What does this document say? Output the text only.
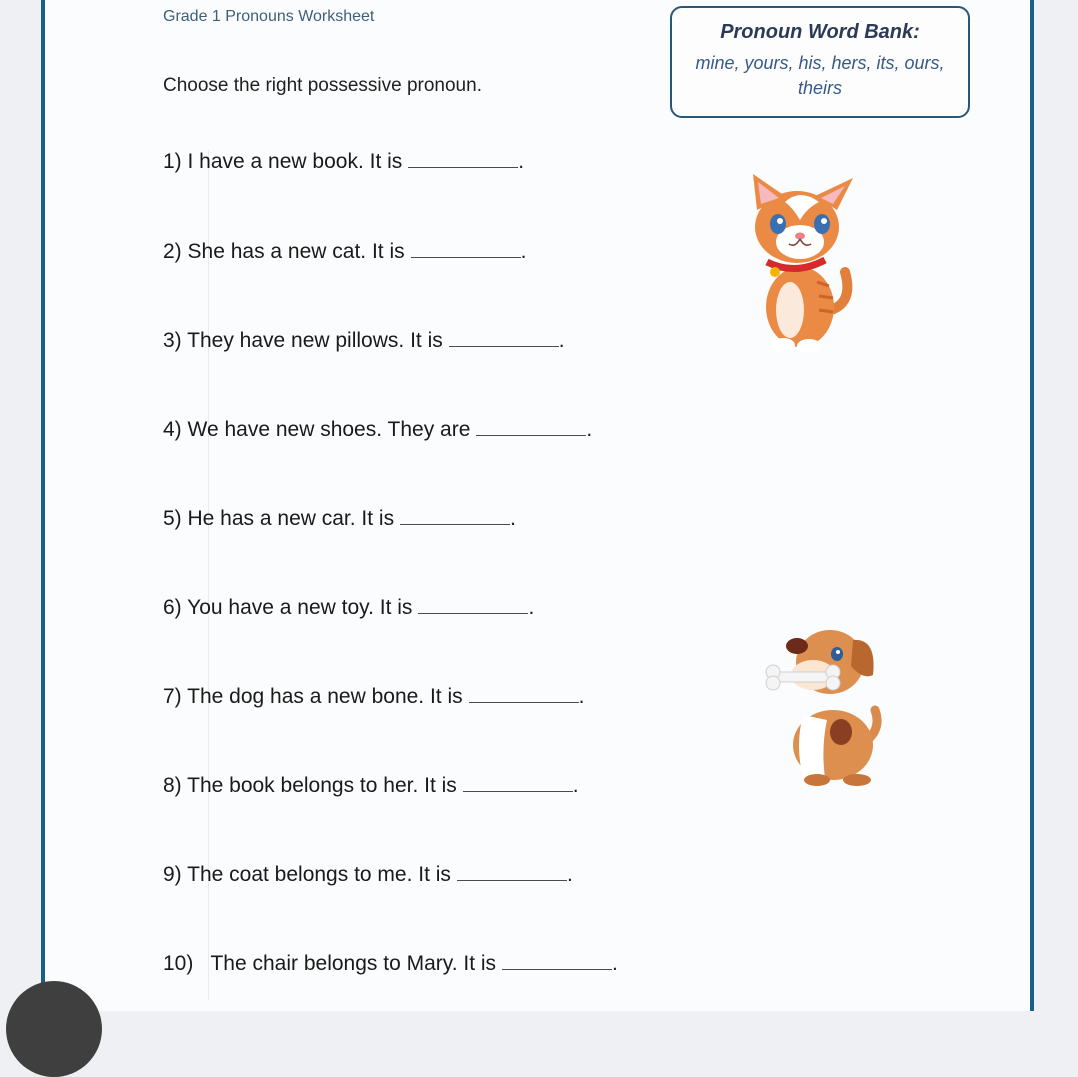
Grade 1 Pronouns Worksheet
Choose the right possessive pronoun.
Pronoun Word Bank:
mine, yours, his, hers, its, ours, theirs
1) I have a new book. It is	.
2) She has a new cat. It is	.
3) They have new pillows. It is	.
4) We have new shoes. They are	.
5) He has a new car. It is	.
6) You have a new toy. It is	.
7) The dog has a new bone. It is	.
8) The book belongs to her. It is	.
9) The coat belongs to me. It is	.
10)   The chair belongs to Mary. It is	.
